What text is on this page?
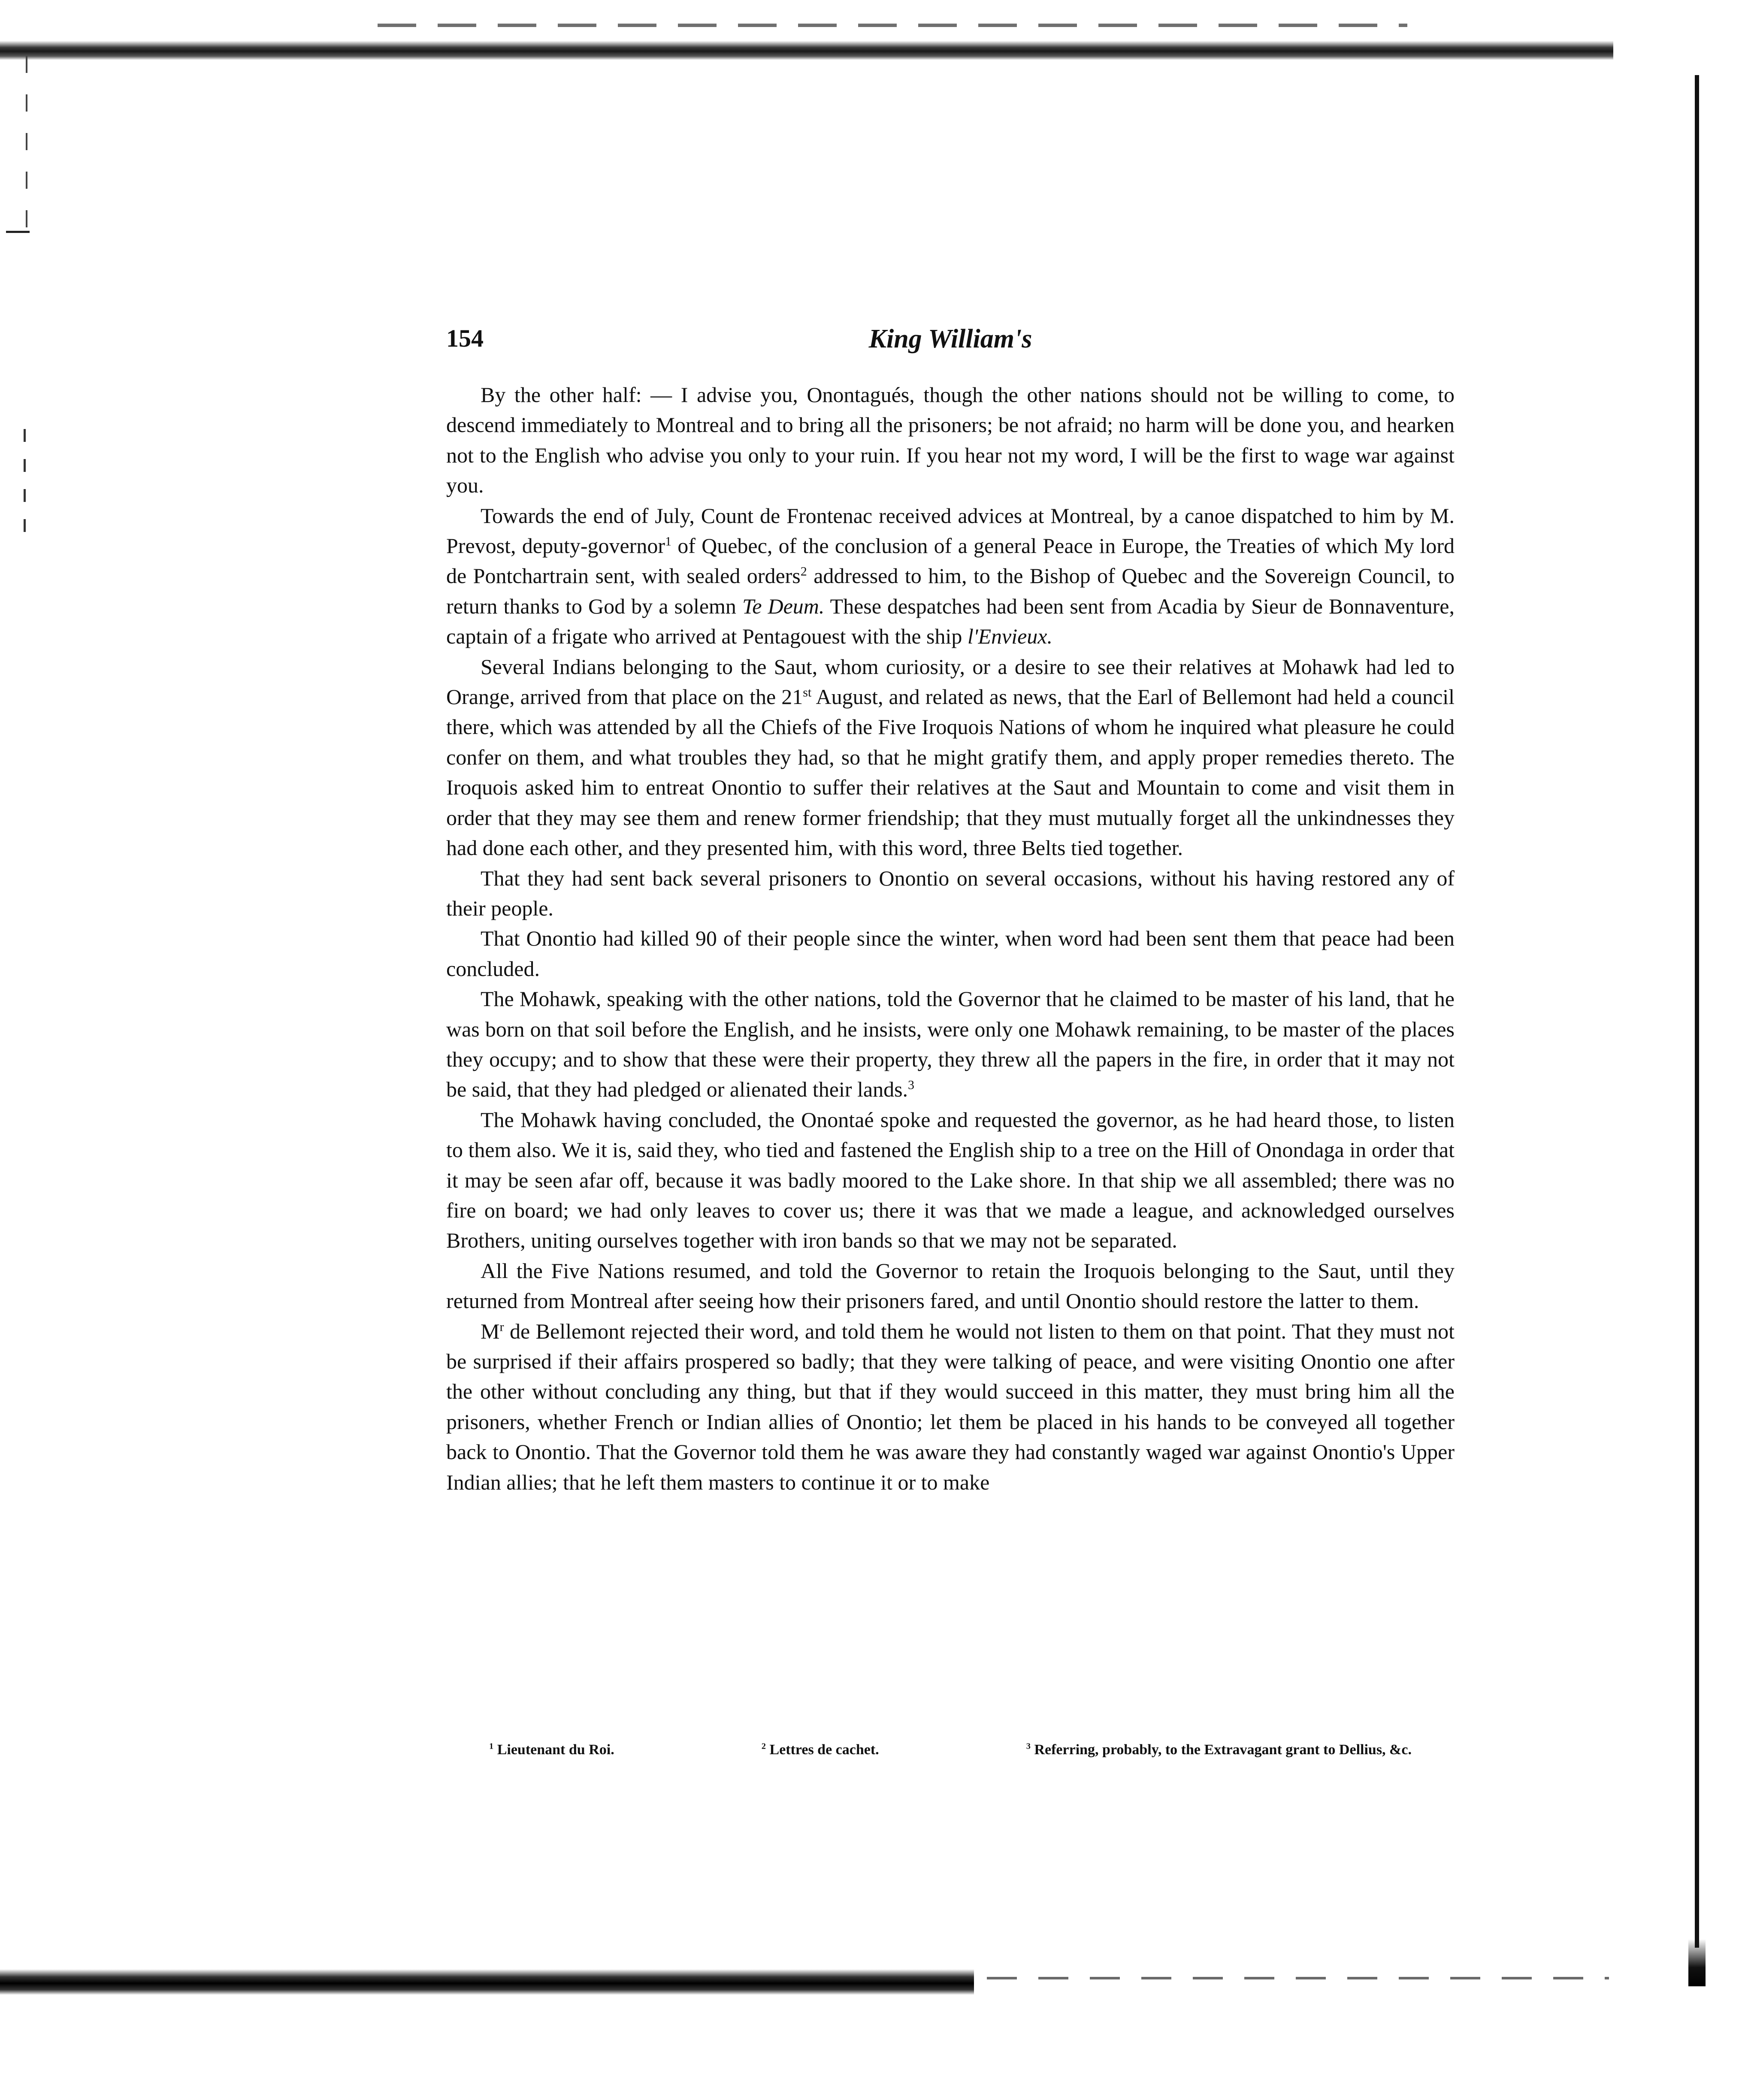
154	King William's

By the other half: — I advise you, Onontagués, though the other nations should not be willing to come, to descend immediately to Montreal and to bring all the prisoners; be not afraid; no harm will be done you, and hearken not to the English who advise you only to your ruin. If you hear not my word, I will be the first to wage war against you.

Towards the end of July, Count de Frontenac received advices at Montreal, by a canoe dispatched to him by M. Prevost, deputy-governor$^1$ of Quebec, of the conclusion of a general Peace in Europe, the Treaties of which My lord de Pontchartrain sent, with sealed orders$^2$ addressed to him, to the Bishop of Quebec and the Sovereign Council, to return thanks to God by a solemn Te Deum. These despatches had been sent from Acadia by Sieur de Bonnaventure, captain of a frigate who arrived at Pentagouest with the ship l'Envieux.

Several Indians belonging to the Saut, whom curiosity, or a desire to see their relatives at Mohawk had led to Orange, arrived from that place on the 21st August, and related as news, that the Earl of Bellemont had held a council there, which was attended by all the Chiefs of the Five Iroquois Nations of whom he inquired what pleasure he could confer on them, and what troubles they had, so that he might gratify them, and apply proper remedies thereto. The Iroquois asked him to entreat Onontio to suffer their relatives at the Saut and Mountain to come and visit them in order that they may see them and renew former friendship; that they must mutually forget all the unkindnesses they had done each other, and they presented him, with this word, three Belts tied together.

That they had sent back several prisoners to Onontio on several occasions, without his having restored any of their people.

That Onontio had killed 90 of their people since the winter, when word had been sent them that peace had been concluded.

The Mohawk, speaking with the other nations, told the Governor that he claimed to be master of his land, that he was born on that soil before the English, and he insists, were only one Mohawk remaining, to be master of the places they occupy; and to show that these were their property, they threw all the papers in the fire, in order that it may not be said, that they had pledged or alienated their lands.$^3$

The Mohawk having concluded, the Onontaé spoke and requested the governor, as he had heard those, to listen to them also. We it is, said they, who tied and fastened the English ship to a tree on the Hill of Onondaga in order that it may be seen afar off, because it was badly moored to the Lake shore. In that ship we all assembled; there was no fire on board; we had only leaves to cover us; there it was that we made a league, and acknowledged ourselves Brothers, uniting ourselves together with iron bands so that we may not be separated.

All the Five Nations resumed, and told the Governor to retain the Iroquois belonging to the Saut, until they returned from Montreal after seeing how their prisoners fared, and until Onontio should restore the latter to them.

$M^r$ de Bellemont rejected their word, and told them he would not listen to them on that point. That they must not be surprised if their affairs prospered so badly; that they were talking of peace, and were visiting Onontio one after the other without concluding any thing, but that if they would succeed in this matter, they must bring him all the prisoners, whether French or Indian allies of Onontio; let them be placed in his hands to be conveyed all together back to Onontio. That the Governor told them he was aware they had constantly waged war against Onontio's Upper Indian allies; that he left them masters to continue it or to make

$^1$ Lieutenant du Roi.	$^2$ Lettres de cachet.	$^3$ Referring, probably, to the Extravagant grant to Dellius, &c.
